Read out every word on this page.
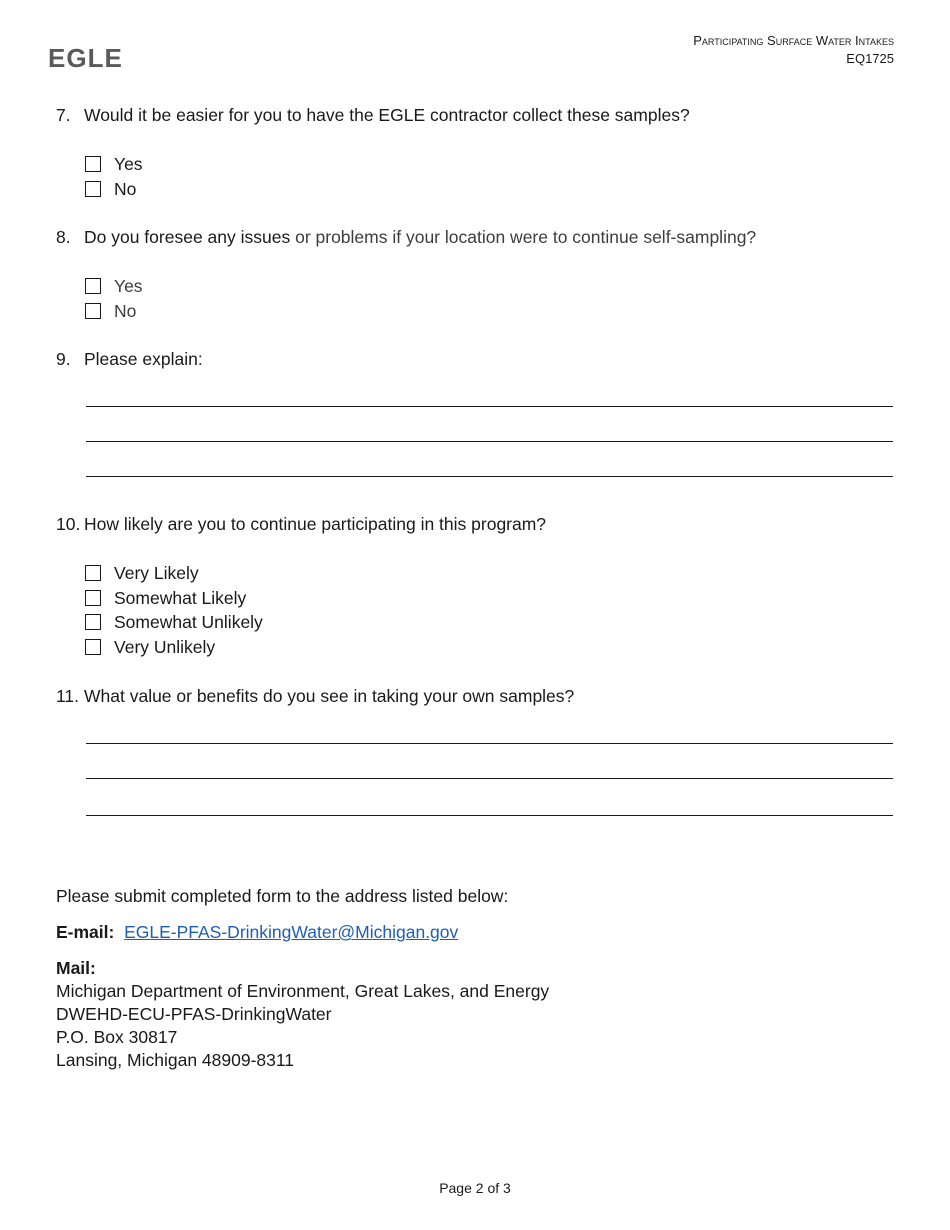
EGLE
Participating Surface Water Intakes
EQ1725
7. Would it be easier for you to have the EGLE contractor collect these samples?
Yes
No
8. Do you foresee any issues or problems if your location were to continue self-sampling?
Yes
No
9. Please explain:
10. How likely are you to continue participating in this program?
Very Likely
Somewhat Likely
Somewhat Unlikely
Very Unlikely
11. What value or benefits do you see in taking your own samples?
Please submit completed form to the address listed below:
E-mail: EGLE-PFAS-DrinkingWater@Michigan.gov
Mail:
Michigan Department of Environment, Great Lakes, and Energy
DWEHD-ECU-PFAS-DrinkingWater
P.O. Box 30817
Lansing, Michigan 48909-8311
Page 2 of 3
